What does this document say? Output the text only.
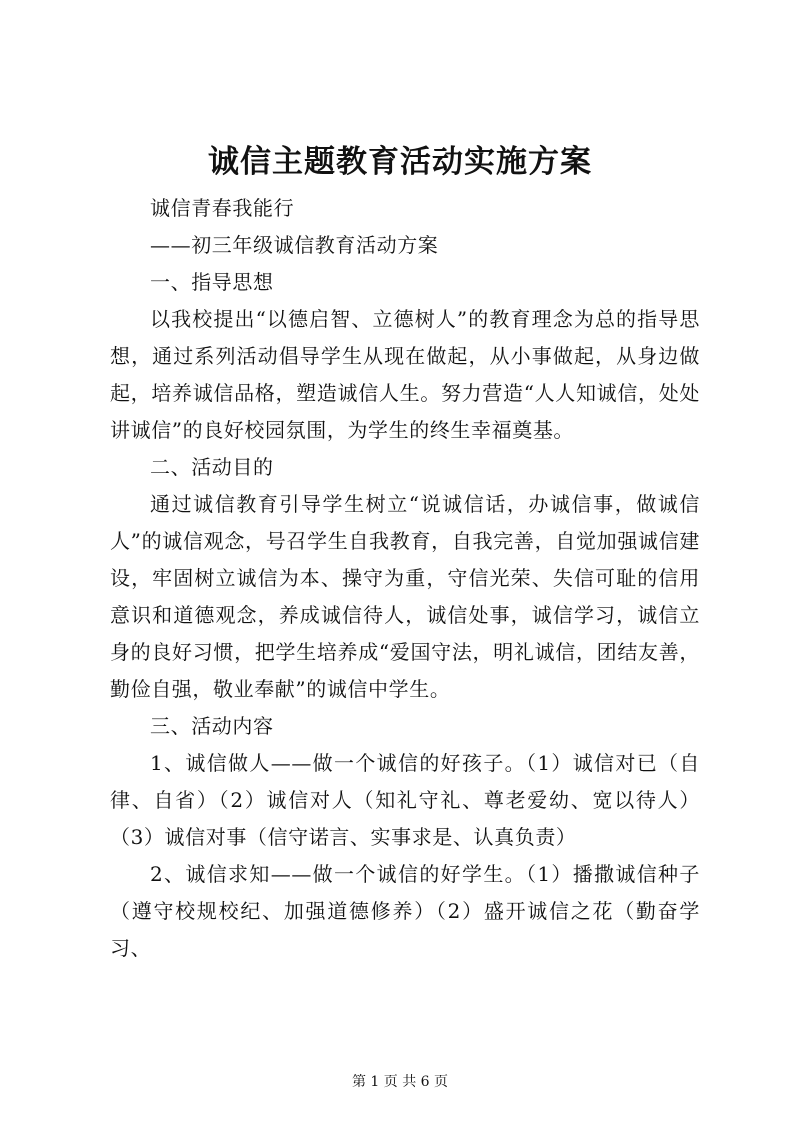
诚信主题教育活动实施方案

诚信青春我能行

——初三年级诚信教育活动方案

一、指导思想

以我校提出“以德启智、立德树人”的教育理念为总的指导思想，通过系列活动倡导学生从现在做起，从小事做起，从身边做起，培养诚信品格，塑造诚信人生。努力营造“人人知诚信，处处讲诚信”的良好校园氛围，为学生的终生幸福奠基。

二、活动目的

通过诚信教育引导学生树立“说诚信话，办诚信事，做诚信人”的诚信观念，号召学生自我教育，自我完善，自觉加强诚信建设，牢固树立诚信为本、操守为重，守信光荣、失信可耻的信用意识和道德观念，养成诚信待人，诚信处事，诚信学习，诚信立身的良好习惯，把学生培养成“爱国守法，明礼诚信，团结友善，勤俭自强，敬业奉献”的诚信中学生。

三、活动内容

1、诚信做人——做一个诚信的好孩子。（1）诚信对已（自律、自省）（2）诚信对人（知礼守礼、尊老爱幼、宽以待人）（3）诚信对事（信守诺言、实事求是、认真负责）

2、诚信求知——做一个诚信的好学生。（1）播撒诚信种子（遵守校规校纪、加强道德修养）（2）盛开诚信之花（勤奋学习、

第 1 页 共 6 页
